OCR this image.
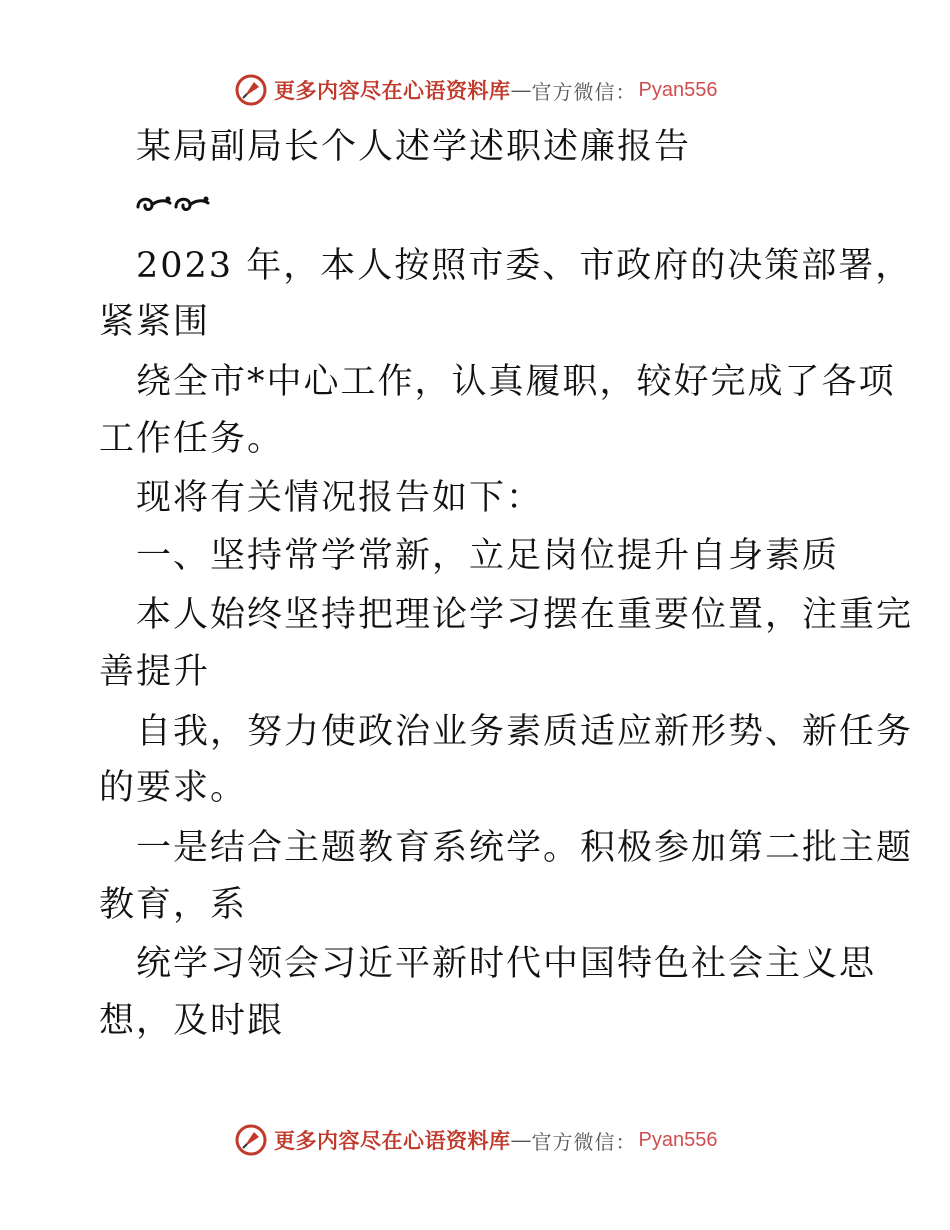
更多内容尽在心语资料库 — 官方微信： Pyan556
某局副局长个人述学述职述廉报告
2023 年，本人按照市委、市政府的决策部署，
紧紧围
绕全市*中心工作，认真履职，较好完成了各项
工作任务。
现将有关情况报告如下：
一、坚持常学常新，立足岗位提升自身素质
本人始终坚持把理论学习摆在重要位置，注重完
善提升
自我，努力使政治业务素质适应新形势、新任务
的要求。
一是结合主题教育系统学。积极参加第二批主题
教育，系
统学习领会习近平新时代中国特色社会主义思
想，及时跟
更多内容尽在心语资料库 — 官方微信： Pyan556
